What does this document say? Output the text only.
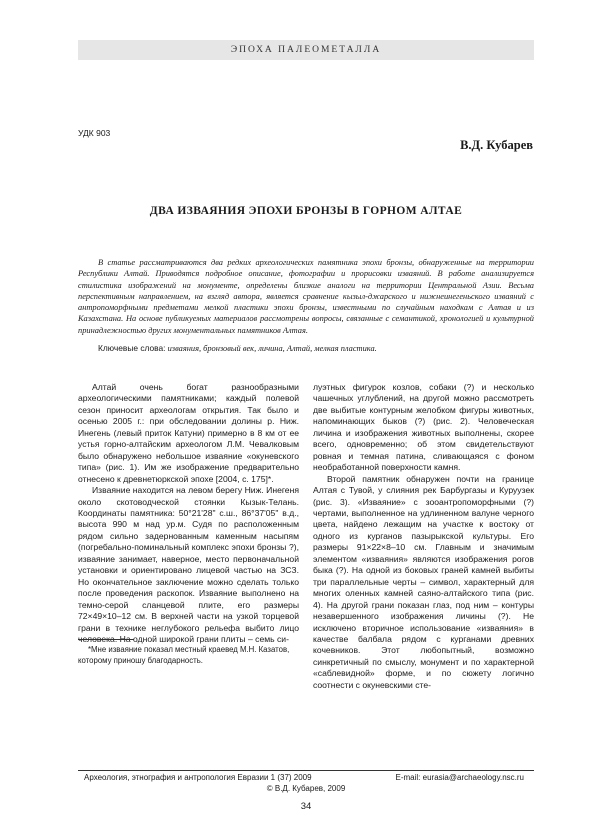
ЭПОХА ПАЛЕОМЕТАЛЛА
УДК 903
В.Д. Кубарев
ДВА ИЗВАЯНИЯ ЭПОХИ БРОНЗЫ В ГОРНОМ АЛТАЕ

В статье рассматриваются два редких археологических памятника эпохи бронзы, обнаруженные на территории Республики Алтай. Приводятся подробное описание, фотографии и прорисовки изваяний. В работе анализируется стилистика изображений на монументе, определены близкие аналоги на территории Центральной Азии. Весьма перспективным направлением, на взгляд автора, является сравнение кызыл-джарского и нижнеинегеньского изваяний с антропоморфными предметами мелкой пластики эпохи бронзы, известными по случайным находкам с Алтая и из Казахстана. На основе публикуемых материалов рассмотрены вопросы, связанные с семантикой, хронологией и культурной принадлежностью других монументальных памятников Алтая.

Ключевые слова: изваяния, бронзовый век, личина, Алтай, мелкая пластика.

Алтай очень богат разнообразными археологическими памятниками; каждый полевой сезон приносит археологам открытия. Так было и осенью 2005 г.: при обследовании долины р. Ниж. Инегень (левый приток Катуни) примерно в 8 км от ее устья горно-алтайским археологом Л.М. Чевалковым было обнаружено небольшое изваяние «окуневского типа» (рис. 1). Им же изображение предварительно отнесено к древнетюркской эпохе [2004, с. 175]*.

Изваяние находится на левом берегу Ниж. Инегеня около скотоводческой стоянки Кызык-Телань. Координаты памятника: 50°21'28" с.ш., 86°37'05" в.д., высота 990 м над ур.м. Судя по расположенным рядом сильно задернованным каменным насыпям (погребально-поминальный комплекс эпохи бронзы ?), изваяние занимает, наверное, место первоначальной установки и ориентировано лицевой частью на ЗСЗ. Но окончательное заключение можно сделать только после проведения раскопок. Изваяние выполнено на темно-серой сланцевой плите, его размеры 72×49×10–12 см. В верхней части на узкой торцевой грани в технике неглубокого рельефа выбито лицо человека. На одной широкой грани плиты – семь си-

луэтных фигурок козлов, собаки (?) и несколько чашечных углублений, на другой можно рассмотреть две выбитые контурным желобком фигуры животных, напоминающих быков (?) (рис. 2). Человеческая личина и изображения животных выполнены, скорее всего, одновременно; об этом свидетельствуют ровная и темная патина, сливающаяся с фоном необработанной поверхности камня.

Второй памятник обнаружен почти на границе Алтая с Тувой, у слияния рек Барбургазы и Куруузек (рис. 3). «Изваяние» с зооантропоморфными (?) чертами, выполненное на удлиненном валуне черного цвета, найдено лежащим на участке к востоку от одного из курганов пазырыкской культуры. Его размеры 91×22×8–10 см. Главным и значимым элементом «изваяния» являются изображения рогов быка (?). На одной из боковых граней камней выбиты три параллельные черты – символ, характерный для многих оленных камней саяно-алтайского типа (рис. 4). На другой грани показан глаз, под ним – контуры незавершенного изображения личины (?). Не исключено вторичное использование «изваяния» в качестве балбала рядом с курганами древних кочевников. Этот любопытный, возможно синкретичный по смыслу, монумент и по характерной «саблевидной» форме, и по сюжету логично соотнести с окуневскими сте-

*Мне изваяние показал местный краевед М.Н. Казатов, которому приношу благодарность.

Археология, этнография и антропология Евразии 1 (37) 2009	E-mail: eurasia@archaeology.nsc.ru
© В.Д. Кубарев, 2009
34
